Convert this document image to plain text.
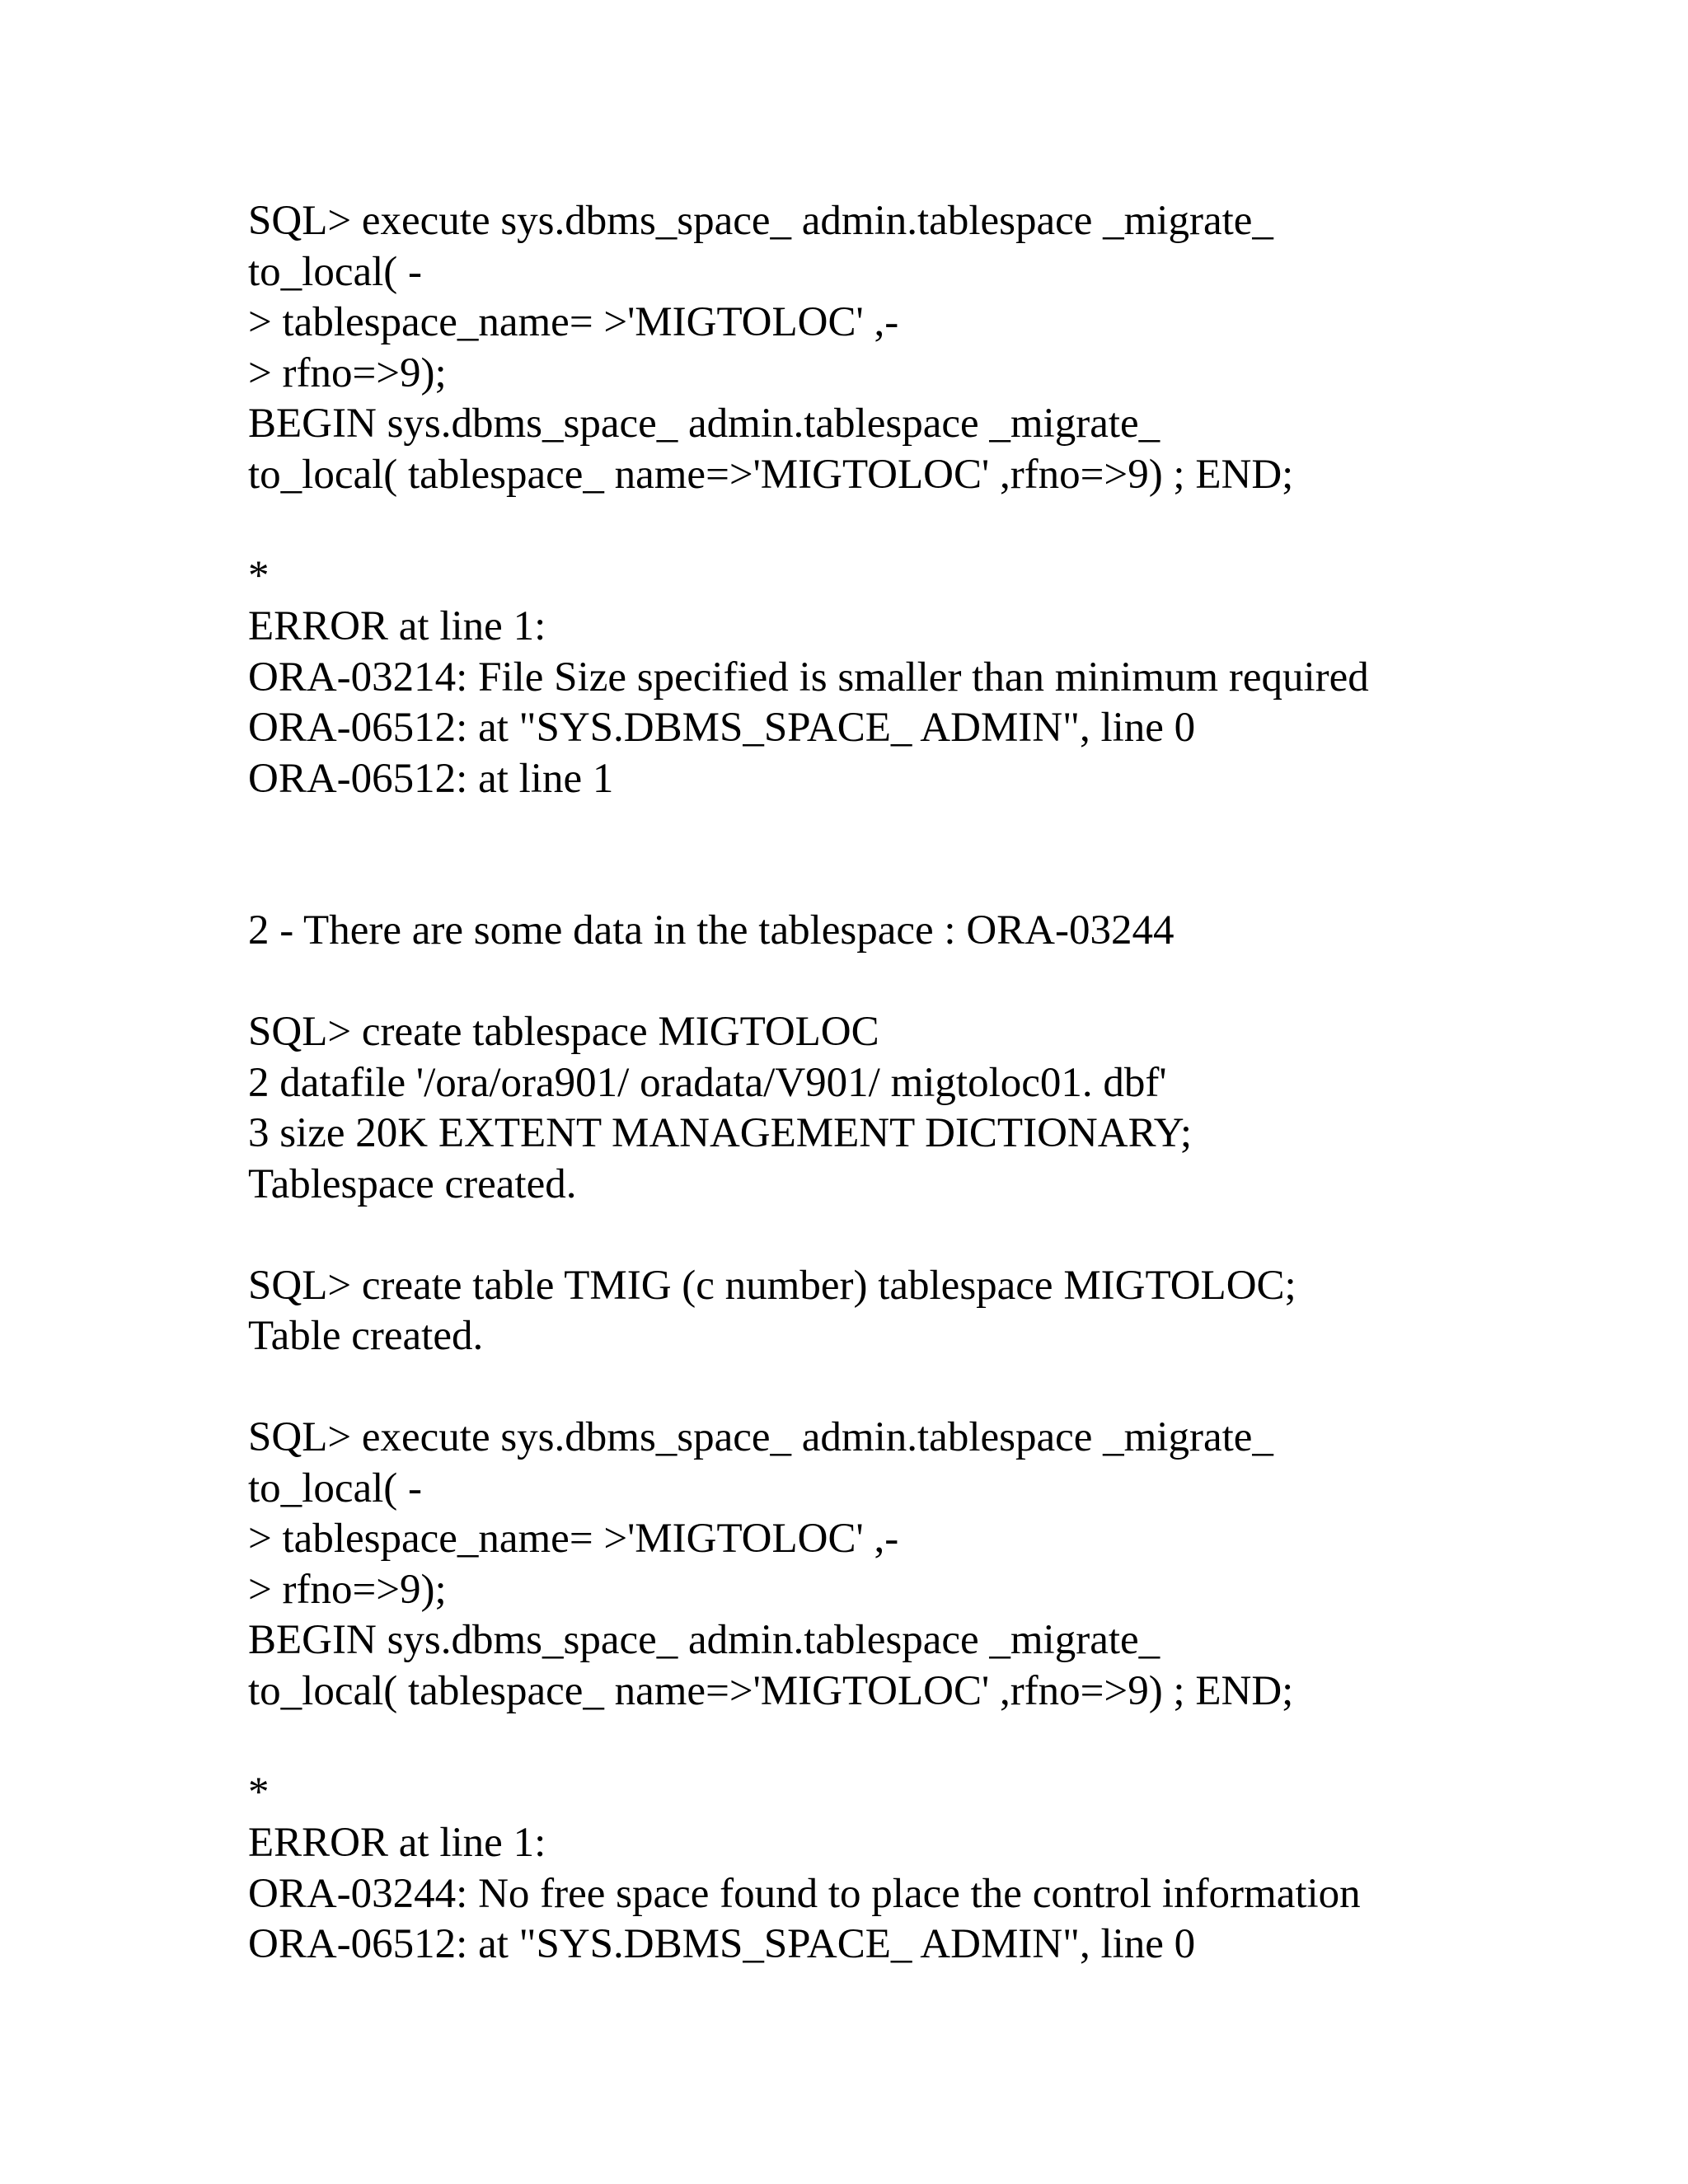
SQL> execute sys.dbms_space_ admin.tablespace _migrate_
to_local( -
> tablespace_name= >'MIGTOLOC' ,-
> rfno=>9);
BEGIN sys.dbms_space_ admin.tablespace _migrate_
to_local( tablespace_ name=>'MIGTOLOC' ,rfno=>9) ; END;
*
ERROR at line 1:
ORA-03214: File Size specified is smaller than minimum required
ORA-06512: at "SYS.DBMS_SPACE_ ADMIN", line 0
ORA-06512: at line 1
2 - There are some data in the tablespace : ORA-03244
SQL> create tablespace MIGTOLOC
2 datafile '/ora/ora901/ oradata/V901/ migtoloc01. dbf'
3 size 20K EXTENT MANAGEMENT DICTIONARY;
Tablespace created.
SQL> create table TMIG (c number) tablespace MIGTOLOC;
Table created.
SQL> execute sys.dbms_space_ admin.tablespace _migrate_
to_local( -
> tablespace_name= >'MIGTOLOC' ,-
> rfno=>9);
BEGIN sys.dbms_space_ admin.tablespace _migrate_
to_local( tablespace_ name=>'MIGTOLOC' ,rfno=>9) ; END;
*
ERROR at line 1:
ORA-03244: No free space found to place the control information
ORA-06512: at "SYS.DBMS_SPACE_ ADMIN", line 0
